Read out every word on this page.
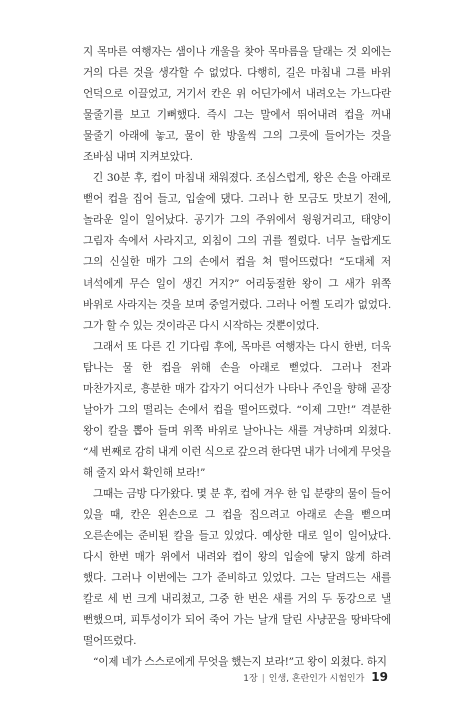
지 목마른 여행자는 샘이나 개울을 찾아 목마름을 달래는 것 외에는 거의 다른 것을 생각할 수 없었다. 다행히, 길은 마침내 그를 바위 언덕으로 이끌었고, 거기서 칸은 위 어딘가에서 내려오는 가느다란 물줄기를 보고 기뻐했다. 즉시 그는 말에서 뛰어내려 컵을 꺼내 물줄기 아래에 놓고, 물이 한 방울씩 그의 그릇에 들어가는 것을 조바심 내며 지켜보았다.

긴 30분 후, 컵이 마침내 채워졌다. 조심스럽게, 왕은 손을 아래로 뻗어 컵을 집어 들고, 입술에 댔다. 그러나 한 모금도 맛보기 전에, 놀라운 일이 일어났다. 공기가 그의 주위에서 윙윙거리고, 태양이 그림자 속에서 사라지고, 외침이 그의 귀를 찔렀다. 너무 놀랍게도 그의 신실한 매가 그의 손에서 컵을 쳐 떨어뜨렸다! “도대체 저 녀석에게 무슨 일이 생긴 거지?” 어리둥절한 왕이 그 새가 위쪽 바위로 사라지는 것을 보며 중얼거렸다. 그러나 어쩔 도리가 없었다. 그가 할 수 있는 것이라곤 다시 시작하는 것뿐이었다.

그래서 또 다른 긴 기다림 후에, 목마른 여행자는 다시 한번, 더욱 탐나는 물 한 컵을 위해 손을 아래로 뻗었다. 그러나 전과 마찬가지로, 흥분한 매가 갑자기 어디선가 나타나 주인을 향해 곧장 날아가 그의 떨리는 손에서 컵을 떨어뜨렸다. “이제 그만!” 격분한 왕이 칼을 뽑아 들며 위쪽 바위로 날아나는 새를 겨냥하며 외쳤다. “세 번째로 감히 내게 이런 식으로 갚으려 한다면 내가 너에게 무엇을 해 줄지 와서 확인해 보라!”

그때는 금방 다가왔다. 몇 분 후, 컵에 겨우 한 입 분량의 물이 들어 있을 때, 칸은 왼손으로 그 컵을 집으려고 아래로 손을 뻗으며 오른손에는 준비된 칼을 들고 있었다. 예상한 대로 일이 일어났다. 다시 한번 매가 위에서 내려와 컵이 왕의 입술에 닿지 않게 하려 했다. 그러나 이번에는 그가 준비하고 있었다. 그는 달려드는 새를 칼로 세 번 크게 내리쳤고, 그중 한 번은 새를 거의 두 동강으로 낼 뻔했으며, 피투성이가 되어 죽어 가는 날개 달린 사냥꾼을 땅바닥에 떨어뜨렸다.

“이제 네가 스스로에게 무엇을 했는지 보라!”고 왕이 외쳤다. 하지

1장 | 인생, 혼란인가 시험인가 19
